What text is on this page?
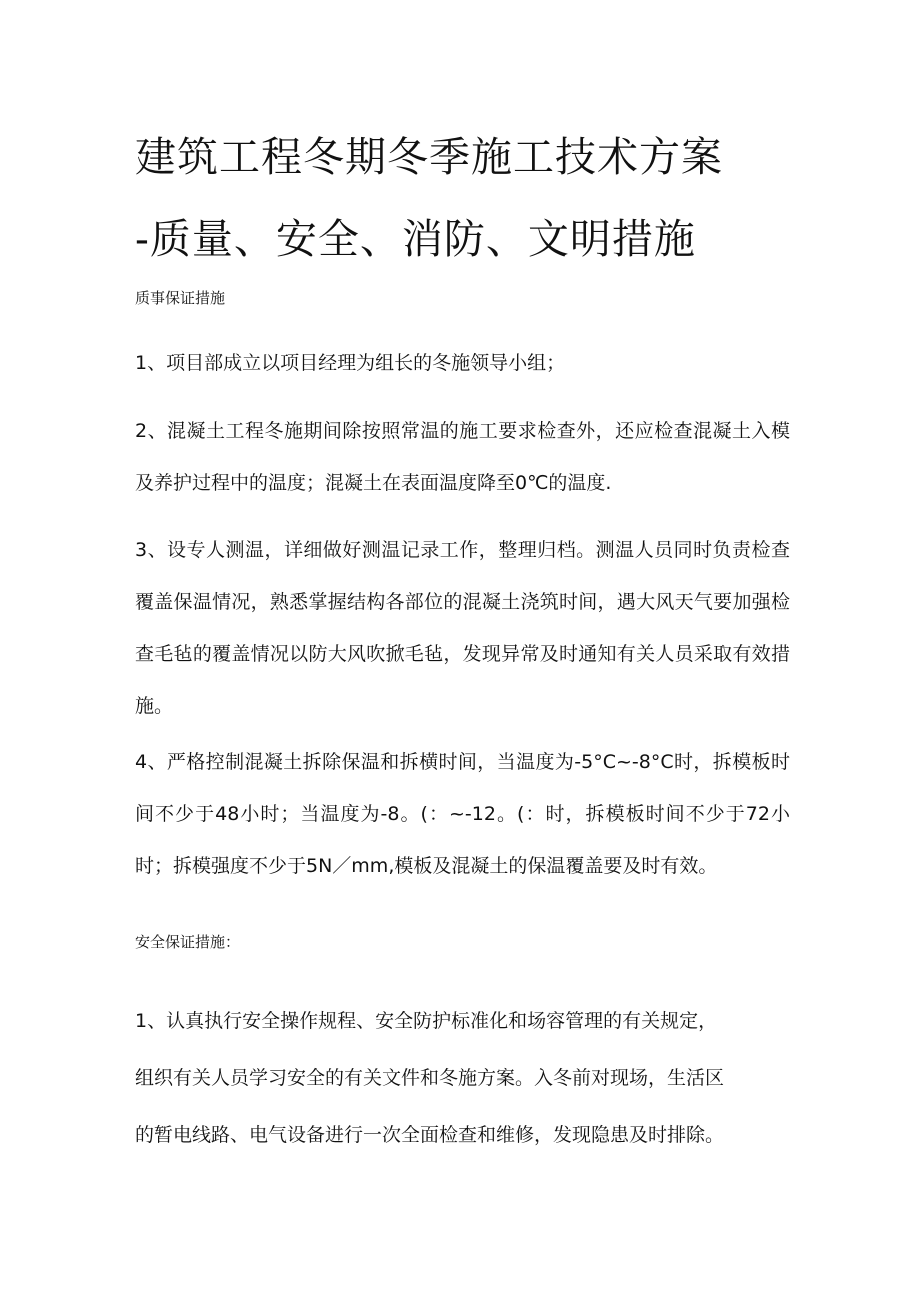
建筑工程冬期冬季施工技术方案
-质量、安全、消防、文明措施
质事保证措施

1、项目部成立以项目经理为组长的冬施领导小组；

2、混凝土工程冬施期间除按照常温的施工要求检查外，还应检查混凝土入模及养护过程中的温度；混凝土在表面温度降至0℃的温度.

3、设专人测温，详细做好测温记录工作，整理归档。测温人员同时负责检查覆盖保温情况，熟悉掌握结构各部位的混凝土浇筑时间，遇大风天气要加强检查毛毡的覆盖情况以防大风吹掀毛毡，发现异常及时通知有关人员采取有效措施。

4、严格控制混凝土拆除保温和拆横时间，当温度为-5°C~-8°C时，拆模板时间不少于48小时；当温度为-8。(：~-12。(：时，拆模板时间不少于72小时；拆模强度不少于5N／mm,模板及混凝土的保温覆盖要及时有效。

安全保证措施：

1、认真执行安全操作规程、安全防护标准化和场容管理的有关规定，

组织有关人员学习安全的有关文件和冬施方案。入冬前对现场，生活区

的暂电线路、电气设备进行一次全面检查和维修，发现隐患及时排除。
